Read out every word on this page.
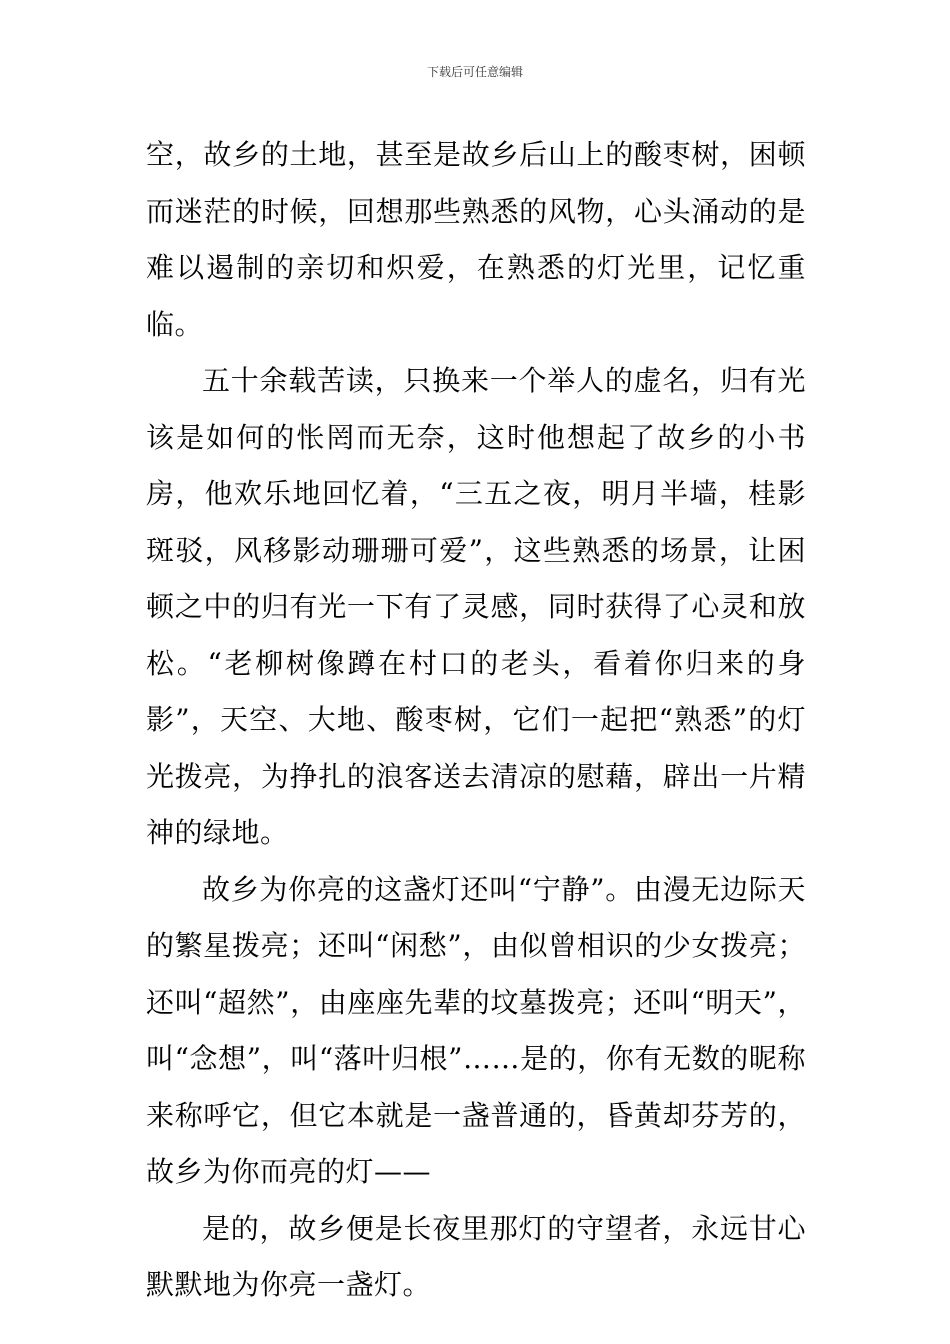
下载后可任意编辑

空，故乡的土地，甚至是故乡后山上的酸枣树，困顿而迷茫的时候，回想那些熟悉的风物，心头涌动的是难以遏制的亲切和炽爱，在熟悉的灯光里，记忆重临。

五十余载苦读，只换来一个举人的虚名，归有光该是如何的怅罔而无奈，这时他想起了故乡的小书房，他欢乐地回忆着，“三五之夜，明月半墙，桂影斑驳，风移影动珊珊可爱”，这些熟悉的场景，让困顿之中的归有光一下有了灵感，同时获得了心灵和放松。“老柳树像蹲在村口的老头，看着你归来的身影”，天空、大地、酸枣树，它们一起把“熟悉”的灯光拨亮，为挣扎的浪客送去清凉的慰藉，辟出一片精神的绿地。

故乡为你亮的这盏灯还叫“宁静”。由漫无边际天的繁星拨亮；还叫“闲愁”，由似曾相识的少女拨亮；还叫“超然”，由座座先辈的坟墓拨亮；还叫“明天”，叫“念想”，叫“落叶归根”……是的，你有无数的昵称来称呼它，但它本就是一盏普通的，昏黄却芬芳的，故乡为你而亮的灯——

是的，故乡便是长夜里那灯的守望者，永远甘心默默地为你亮一盏灯。
